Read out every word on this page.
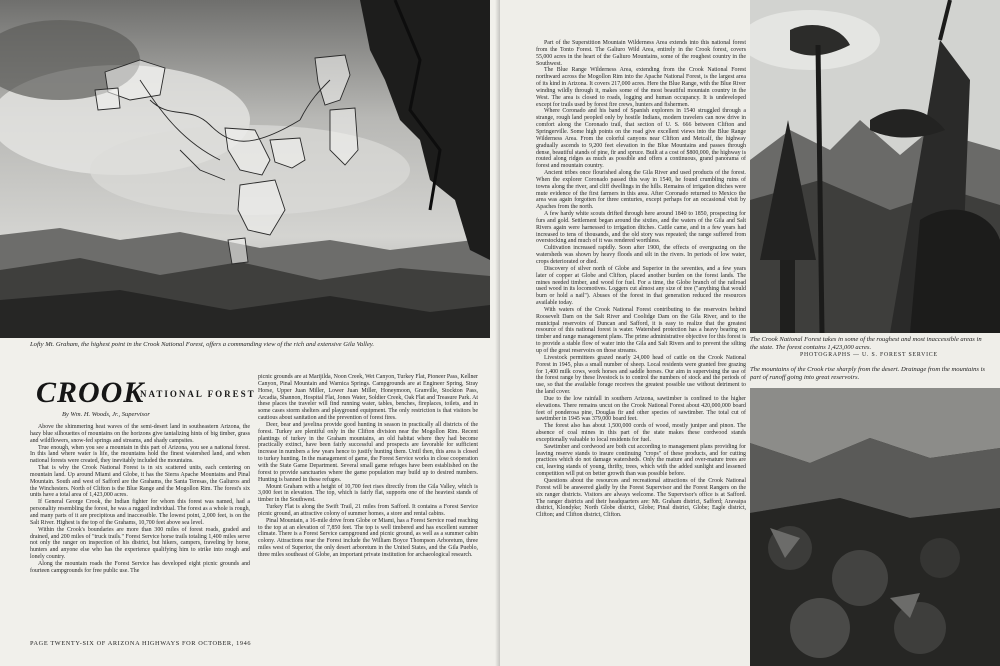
Lofty Mt. Graham, the highest point in the Crook National Forest, offers a commanding view of the rich and extensive Gila Valley.
CROOK
NATIONAL FOREST
By Wm. H. Woods, Jr., Supervisor

Above the shimmering heat waves of the semi-desert land in southeastern Arizona, the hazy blue silhouettes of mountains on the horizons give tantalizing hints of big timber, grass and wildflowers, snow-fed springs and streams, and shady campsites.

True enough, when you see a mountain in this part of Arizona, you see a national forest. In this land where water is life, the mountains hold the finest watershed land, and when national forests were created, they inevitably included the mountains.

That is why the Crook National Forest is in six scattered units, each centering on mountain land. Up around Miami and Globe, it has the Sierra Apache Mountains and Pinal Mountain. South and west of Safford are the Grahams, the Santa Teresas, the Galiuros and the Winchesters. North of Clifton is the Blue Range and the Mogollon Rim. The forest's six units have a total area of 1,423,000 acres.

If General George Crook, the Indian fighter for whom this forest was named, had a personality resembling the forest, he was a rugged individual. The forest as a whole is rough, and many parts of it are precipitous and inaccessible. The lowest point, 2,000 feet, is on the Salt River. Highest is the top of the Grahams, 10,700 feet above sea level.

Within the Crook's boundaries are more than 300 miles of forest roads, graded and drained, and 200 miles of "truck trails." Forest Service horse trails totaling 1,400 miles serve not only the ranger on inspection of his district, but hikers, campers, traveling by horse, hunters and anyone else who has the experience qualifying him to strike into rough and lonely country.

Along the mountain roads the Forest Service has developed eight picnic grounds and fourteen campgrounds for free public use. The

picnic grounds are at Marijilda, Noon Creek, Wet Canyon, Turkey Flat, Pioneer Pass, Kellner Canyon, Pinal Mountain and Warnica Springs. Campgrounds are at Engineer Spring, Stray Horse, Upper Juan Miller, Lower Juan Miller, Honeymoon, Granville, Stockton Pass, Arcadia, Shannon, Hospital Flat, Jones Water, Soldier Creek, Oak Flat and Treasure Park. At these places the traveler will find running water, tables, benches, fireplaces, toilets, and in some cases storm shelters and playground equipment. The only restriction is that visitors be cautious about sanitation and the prevention of forest fires.

Deer, bear and javelina provide good hunting in season in practically all districts of the forest. Turkey are plentiful only in the Clifton division near the Mogollon Rim. Recent plantings of turkey in the Graham mountains, an old habitat where they had become practically extinct, have been fairly successful and prospects are favorable for sufficient increase in numbers a few years hence to justify hunting them. Until then, this area is closed to turkey hunting. In the management of game, the Forest Service works in close cooperation with the State Game Department. Several small game refuges have been established on the forest to provide sanctuaries where the game population may build up to desired numbers. Hunting is banned in these refuges.

Mount Graham with a height of 10,700 feet rises directly from the Gila Valley, which is 3,000 feet in elevation. The top, which is fairly flat, supports one of the heaviest stands of timber in the Southwest.

Turkey Flat is along the Swift Trail, 21 miles from Safford. It contains a Forest Service picnic ground, an attractive colony of summer homes, a store and rental cabins.

Pinal Mountain, a 16-mile drive from Globe or Miami, has a Forest Service road reaching to the top at an elevation of 7,850 feet. The top is well timbered and has excellent summer climate. There is a Forest Service campground and picnic ground, as well as a summer cabin colony. Attractions near the Forest include the William Boyce Thompson Arboretum, three miles west of Superior, the only desert arboretum in the United States, and the Gila Pueblo, three miles southeast of Globe, an important private institution for archaeological research.

PAGE TWENTY-SIX OF ARIZONA HIGHWAYS FOR OCTOBER, 1946

Part of the Superstition Mountain Wilderness Area extends into this national forest from the Tonto Forest. The Galiuro Wild Area, entirely in the Crook forest, covers 55,000 acres in the heart of the Galiuro Mountains, some of the roughest country in the Southwest.

The Blue Range Wilderness Area, extending from the Crook National Forest northward across the Mogollon Rim into the Apache National Forest, is the largest area of its kind in Arizona. It covers 217,000 acres. Here the Blue Range, with the Blue River winding wildly through it, makes some of the most beautiful mountain country in the West. The area is closed to roads, logging and human occupancy. It is undeveloped except for trails used by forest fire crews, hunters and fishermen.

Where Coronado and his band of Spanish explorers in 1540 struggled through a strange, rough land peopled only by hostile Indians, modern travelers can now drive in comfort along the Coronado trail, that section of U. S. 666 between Clifton and Springerville. Some high points on the road give excellent views into the Blue Range Wilderness Area. From the colorful canyons near Clifton and Metcalf, the highway gradually ascends to 9,200 feet elevation in the Blue Mountains and passes through dense, beautiful stands of pine, fir and spruce. Built at a cost of $800,000, the highway is routed along ridges as much as possible and offers a continuous, grand panorama of forest and mountain country.

Ancient tribes once flourished along the Gila River and used products of the forest. When the explorer Coronado passed this way in 1540, he found crumbling ruins of towns along the river, and cliff dwellings in the hills. Remains of irrigation ditches were mute evidence of the first farmers in this area. After Coronado returned to Mexico the area was again forgotten for three centuries, except perhaps for an occasional visit by Apaches from the north.

A few hardy white scouts drifted through here around 1840 to 1850, prospecting for furs and gold. Settlement began around the sixties, and the waters of the Gila and Salt Rivers again were harnessed to irrigation ditches. Cattle came, and in a few years had increased to tens of thousands, and the old story was repeated; the range suffered from overstocking and much of it was rendered worthless.

Cultivation increased rapidly. Soon after 1900, the effects of overgrazing on the watersheds was shown by heavy floods and silt in the rivers. In periods of low water, crops deteriorated or died.

Discovery of silver north of Globe and Superior in the seventies, and a few years later of copper at Globe and Clifton, placed another burden on the forest lands. The mines needed timber, and wood for fuel. For a time, the Globe branch of the railroad used wood in its locomotives. Loggers cut almost any size of tree ("anything that would burn or hold a nail"). Abuses of the forest in that generation reduced the resources available today.

With waters of the Crook National Forest contributing to the reservoirs behind Roosevelt Dam on the Salt River and Coolidge Dam on the Gila River, and to the municipal reservoirs of Duncan and Safford, it is easy to realize that the greatest resource of this national forest is water. Watershed protection has a heavy bearing on timber and range management plans. The prime administrative objective for this forest is to provide a stable flow of water into the Gila and Salt Rivers and to prevent the silting up of the great reservoirs on those streams.

Livestock permittees grazed nearly 24,000 head of cattle on the Crook National Forest in 1945, plus a small number of sheep. Local residents were granted free grazing for 1,400 milk cows, work horses and saddle horses. Our aim in supervising the use of the forest range by these livestock is to control the numbers of stock and the periods of use, so that the available forage receives the greatest possible use without detriment to the land cover.

Due to the low rainfall in southern Arizona, sawtimber is confined to the higher elevations. There remains uncut on the Crook National Forest about 420,000,000 board feet of ponderosa pine, Douglas fir and other species of sawtimber. The total cut of sawtimber in 1945 was 379,000 board feet.

The forest also has about 1,500,000 cords of wood, mostly juniper and pinon. The absence of coal mines in this part of the state makes these cordwood stands exceptionally valuable to local residents for fuel.

Sawtimber and cordwood are both cut according to management plans providing for leaving reserve stands to insure continuing "crops" of these products, and for cutting practices which do not damage watersheds. Only the mature and over-mature trees are cut, leaving stands of young, thrifty, trees, which with the added sunlight and lessened competition will put on better growth than was possible before.

Questions about the resources and recreational attractions of the Crook National Forest will be answered gladly by the Forest Supervisor and the Forest Rangers on the six ranger districts. Visitors are always welcome. The Supervisor's office is at Safford. The ranger districts and their headquarters are: Mt. Graham district, Safford; Aravaipa district, Klondyke; North Globe district, Globe; Pinal district, Globe; Eagle district, Clifton; and Clifton district, Clifton.

The Crook National Forest takes in some of the roughest and most inaccessible areas in the state. The forest contains 1,423,000 acres.
PHOTOGRAPHS — U. S. FOREST SERVICE
The mountains of the Crook rise sharply from the desert. Drainage from the mountains is part of runoff going into great reservoirs.
